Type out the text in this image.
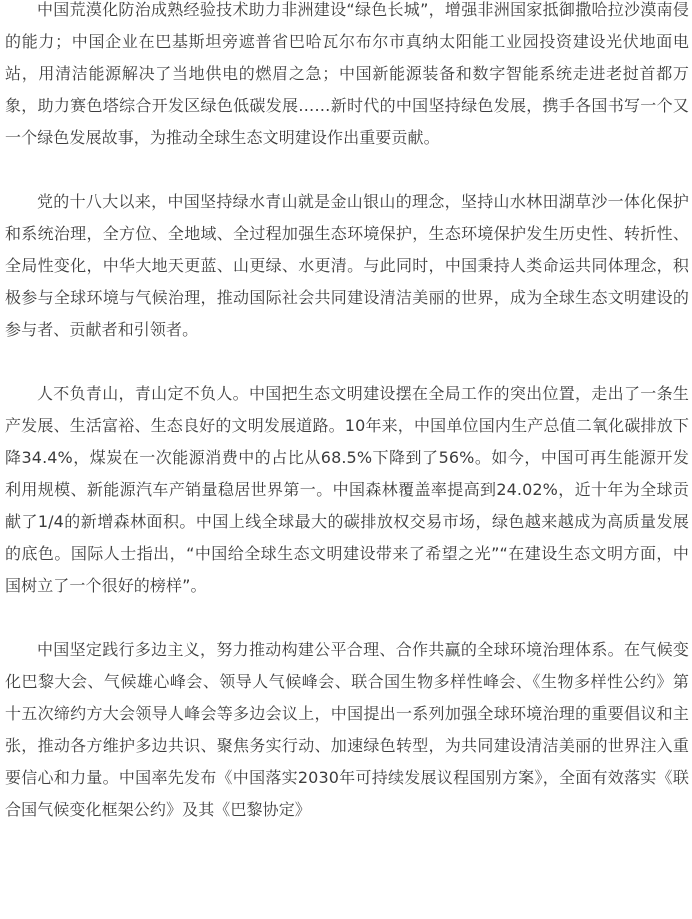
中国荒漠化防治成熟经验技术助力非洲建设“绿色长城”，增强非洲国家抵御撒哈拉沙漠南侵的能力；中国企业在巴基斯坦旁遮普省巴哈瓦尔布尔市真纳太阳能工业园投资建设光伏地面电站，用清洁能源解决了当地供电的燃眉之急；中国新能源装备和数字智能系统走进老挝首都万象，助力赛色塔综合开发区绿色低碳发展……新时代的中国坚持绿色发展，携手各国书写一个又一个绿色发展故事，为推动全球生态文明建设作出重要贡献。

党的十八大以来，中国坚持绿水青山就是金山银山的理念，坚持山水林田湖草沙一体化保护和系统治理，全方位、全地域、全过程加强生态环境保护，生态环境保护发生历史性、转折性、全局性变化，中华大地天更蓝、山更绿、水更清。与此同时，中国秉持人类命运共同体理念，积极参与全球环境与气候治理，推动国际社会共同建设清洁美丽的世界，成为全球生态文明建设的参与者、贡献者和引领者。

人不负青山，青山定不负人。中国把生态文明建设摆在全局工作的突出位置，走出了一条生产发展、生活富裕、生态良好的文明发展道路。10年来，中国单位国内生产总值二氧化碳排放下降34.4%，煤炭在一次能源消费中的占比从68.5%下降到了56%。如今，中国可再生能源开发利用规模、新能源汽车产销量稳居世界第一。中国森林覆盖率提高到24.02%，近十年为全球贡献了1/4的新增森林面积。中国上线全球最大的碳排放权交易市场，绿色越来越成为高质量发展的底色。国际人士指出，“中国给全球生态文明建设带来了希望之光”“在建设生态文明方面，中国树立了一个很好的榜样”。

中国坚定践行多边主义，努力推动构建公平合理、合作共赢的全球环境治理体系。在气候变化巴黎大会、气候雄心峰会、领导人气候峰会、联合国生物多样性峰会、《生物多样性公约》第十五次缔约方大会领导人峰会等多边会议上，中国提出一系列加强全球环境治理的重要倡议和主张，推动各方维护多边共识、聚焦务实行动、加速绿色转型，为共同建设清洁美丽的世界注入重要信心和力量。中国率先发布《中国落实2030年可持续发展议程国别方案》，全面有效落实《联合国气候变化框架公约》及其《巴黎协定》
